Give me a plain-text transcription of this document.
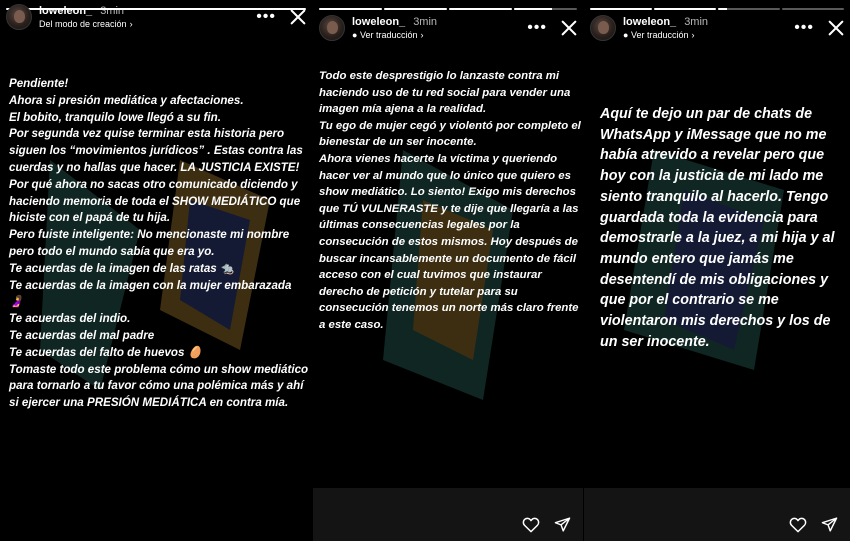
loweleon_ 3min
Del modo de creación ›	•••
Pendiente!
Ahora si presión mediática y afectaciones.
El bobito, tranquilo lowe llegó a su fin.
Por segunda vez quise terminar esta historia pero siguen los “movimientos jurídicos” . Estas contra las cuerdas y no hallas que hacer. LA JUSTICIA EXISTE!
Por qué ahora no sacas otro comunicado diciendo y haciendo memoria de toda el SHOW MEDIÁTICO que hiciste con el papá de tu hija.
Pero fuiste inteligente: No mencionaste mi nombre pero todo el mundo sabía que era yo.
Te acuerdas de la imagen de las ratas 🐀
Te acuerdas de la imagen con la mujer embarazada 🤰
Te acuerdas del indio.
Te acuerdas del mal padre
Te acuerdas del falto de huevos 🥚
Tomaste todo este problema cómo un show mediático para tornarlo a tu favor cómo una polémica más y ahí si ejercer una PRESIÓN MEDIÁTICA en contra mía.
loweleon_ 3min
● Ver traducción ›	•••
Todo este desprestigio lo lanzaste contra mi haciendo uso de tu red social para vender una imagen mía ajena a la realidad.
Tu ego de mujer cegó y violentó por completo el bienestar de un ser inocente.
Ahora vienes hacerte la víctima y queriendo hacer ver al mundo que lo único que quiero es show mediático. Lo siento! Exigo mis derechos que TÚ VULNERASTE y te dije que llegaría a las últimas consecuencias legales por la consecución de estos mismos. Hoy después de buscar incansablemente un documento de fácil acceso con el cual tuvimos que instaurar derecho de petición y tutelar para su consecución tenemos un norte más claro frente a este caso.
loweleon_ 3min
● Ver traducción ›	•••
Aquí te dejo un par de chats de WhatsApp y iMessage que no me había atrevido a revelar pero que hoy con la justicia de mi lado me siento tranquilo al hacerlo. Tengo guardada toda la evidencia para demostrarle a la juez, a mi hija y al mundo entero que jamás me desentendí de mis obligaciones y que por el contrario se me violentaron mis derechos y los de un ser inocente.
